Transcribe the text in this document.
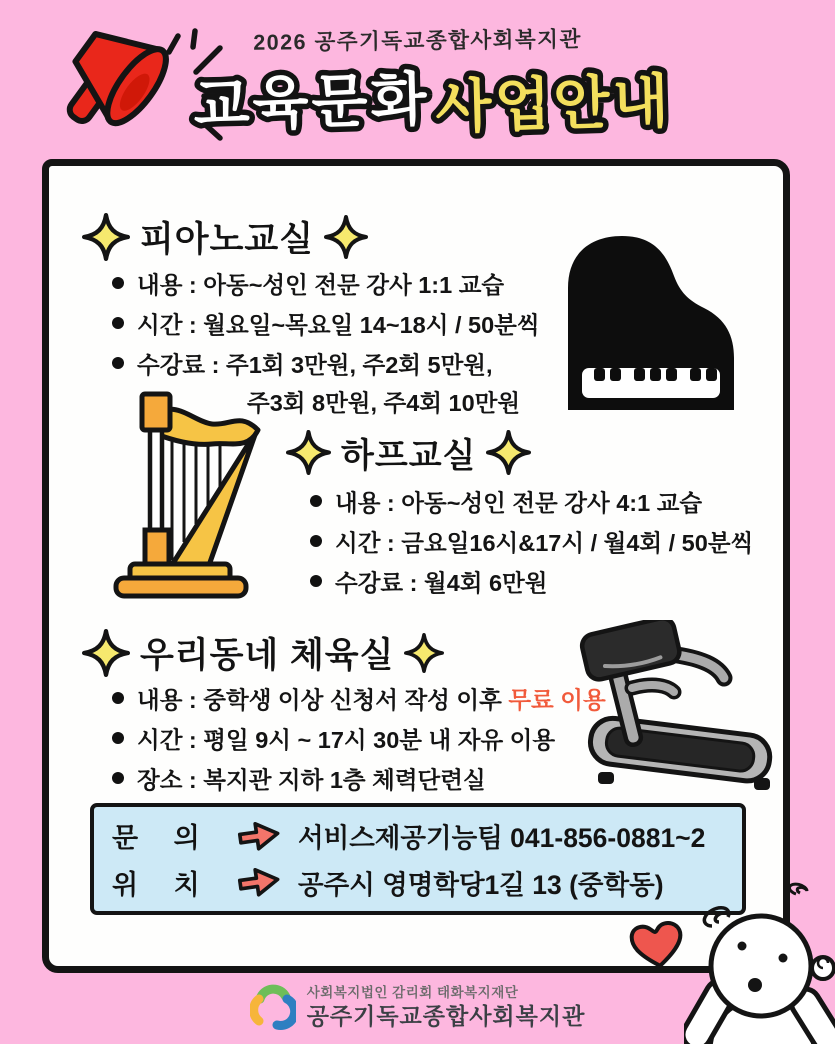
2026 공주기독교종합사회복지관
교육문화 사업안내
피아노교실
내용 : 아동~성인 전문 강사 1:1 교습
시간 : 월요일~목요일 14~18시 / 50분씩
수강료 : 주1회 3만원, 주2회 5만원,
주3회 8만원, 주4회 10만원
하프교실
내용 : 아동~성인 전문 강사 4:1 교습
시간 : 금요일16시&17시 / 월4회 / 50분씩
수강료 : 월4회 6만원
우리동네 체육실
내용 : 중학생 이상 신청서 작성 이후 무료 이용
시간 : 평일 9시 ~ 17시 30분 내 자유 이용
장소 : 복지관 지하 1층 체력단련실
문 의	서비스제공기능팀 041-856-0881~2
위 치	공주시 영명학당1길 13 (중학동)
사회복지법인 감리회 태화복지재단
공주기독교종합사회복지관
